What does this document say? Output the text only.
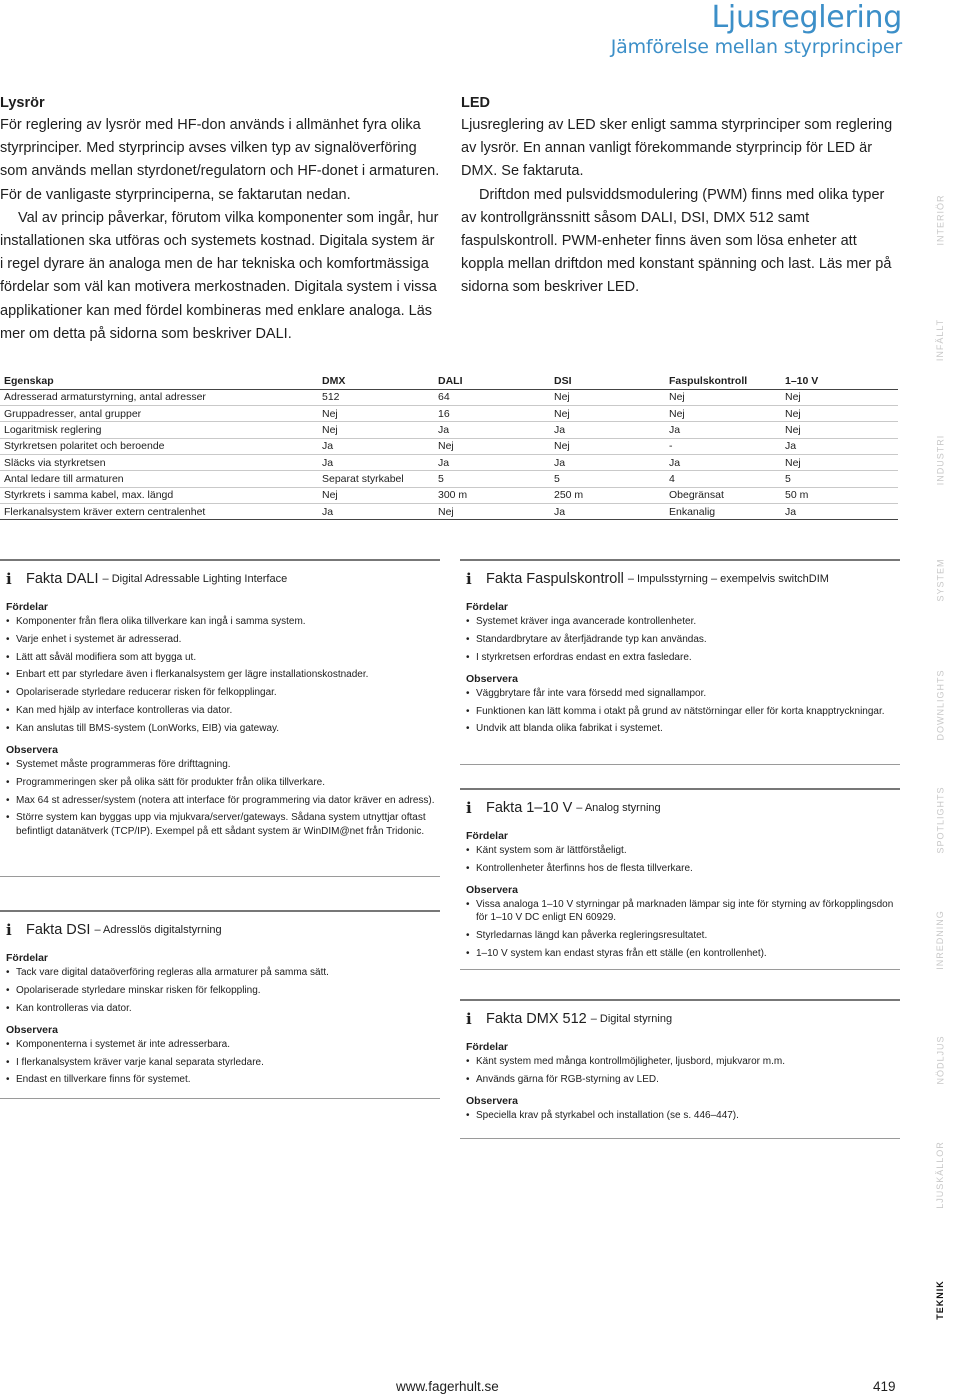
Ljusreglering
Jämförelse mellan styrprinciper
Lysrör

För reglering av lysrör med HF-don används i allmänhet fyra olika styrprinciper. Med styrprincip avses vilken typ av signalöverföring som används mellan styrdonet/regulatorn och HF-donet i armaturen. För de vanligaste styrprinciperna, se faktarutan nedan.

Val av princip påverkar, förutom vilka komponenter som ingår, hur installationen ska utföras och systemets kostnad. Digitala system är i regel dyrare än analoga men de har tekniska och komfortmässiga fördelar som väl kan motivera merkostnaden. Digitala system i vissa applikationer kan med fördel kombineras med enklare analoga. Läs mer om detta på sidorna som beskriver DALI.

LED

Ljusreglering av LED sker enligt samma styrprinciper som reglering av lysrör. En annan vanligt förekommande styrprincip för LED är DMX. Se faktaruta.

Driftdon med pulsviddsmodulering (PWM) finns med olika typer av kontrollgränssnitt såsom DALI, DSI, DMX 512 samt faspulskontroll. PWM-enheter finns även som lösa enheter att koppla mellan driftdon med konstant spänning och last. Läs mer på sidorna som beskriver LED.

Egenskap	DMX	DALI	DSI	Faspulskontroll	1–10 V
Adresserad armaturstyrning, antal adresser	512	64	Nej	Nej	Nej
Gruppadresser, antal grupper	Nej	16	Nej	Nej	Nej
Logaritmisk reglering	Nej	Ja	Ja	Ja	Nej
Styrkretsen polaritet och beroende	Ja	Nej	Nej	-	Ja
Släcks via styrkretsen	Ja	Ja	Ja	Ja	Nej
Antal ledare till armaturen	Separat styrkabel	5	5	4	5
Styrkrets i samma kabel, max. längd	Nej	300 m	250 m	Obegränsat	50 m
Flerkanalsystem kräver extern centralenhet	Ja	Nej	Ja	Enkanalig	Ja
i Fakta DALI – Digital Adressable Lighting Interface
Fördelar
• Komponenter från flera olika tillverkare kan ingå i samma system.
• Varje enhet i systemet är adresserad.
• Lätt att såväl modifiera som att bygga ut.
• Enbart ett par styrledare även i flerkanalsystem ger lägre installationskostnader.
• Opolariserade styrledare reducerar risken för felkopplingar.
• Kan med hjälp av interface kontrolleras via dator.
• Kan anslutas till BMS-system (LonWorks, EIB) via gateway.
Observera
• Systemet måste programmeras före drifttagning.
• Programmeringen sker på olika sätt för produkter från olika tillverkare.
• Max 64 st adresser/system (notera att interface för programmering via dator kräver en adress).
• Större system kan byggas upp via mjukvara/server/gateways. Sådana system utnyttjar oftast befintligt datanätverk (TCP/IP). Exempel på ett sådant system är WinDIM@net från Tridonic.
i Fakta DSI – Adresslös digitalstyrning
Fördelar
• Tack vare digital dataöverföring regleras alla armaturer på samma sätt.
• Opolariserade styrledare minskar risken för felkoppling.
• Kan kontrolleras via dator.
Observera
• Komponenterna i systemet är inte adresserbara.
• I flerkanalsystem kräver varje kanal separata styrledare.
• Endast en tillverkare finns för systemet.
i Fakta Faspulskontroll – Impulsstyrning – exempelvis switchDIM
Fördelar
• Systemet kräver inga avancerade kontrollenheter.
• Standardbrytare av återfjädrande typ kan användas.
• I styrkretsen erfordras endast en extra fasledare.
Observera
• Väggbrytare får inte vara försedd med signallampor.
• Funktionen kan lätt komma i otakt på grund av nätstörningar eller för korta knapptryckningar.
• Undvik att blanda olika fabrikat i systemet.
i Fakta 1–10 V – Analog styrning
Fördelar
• Känt system som är lättförståeligt.
• Kontrollenheter återfinns hos de flesta tillverkare.
Observera
• Vissa analoga 1–10 V styrningar på marknaden lämpar sig inte för styrning av förkopplingsdon för 1–10 V DC enligt EN 60929.
• Styrledarnas längd kan påverka regleringsresultatet.
• 1–10 V system kan endast styras från ett ställe (en kontrollenhet).
i Fakta DMX 512 – Digital styrning
Fördelar
• Känt system med många kontrollmöjligheter, ljusbord, mjukvaror m.m.
• Används gärna för RGB-styrning av LED.
Observera
• Speciella krav på styrkabel och installation (se s. 446–447).
INTERIÖR
INFÄLLT
INDUSTRI
SYSTEM
DOWNLIGHTS
SPOTLIGHTS
INREDNING
NÖDLJUS
LJUSKÄLLOR
TEKNIK
www.fagerhult.se	419
